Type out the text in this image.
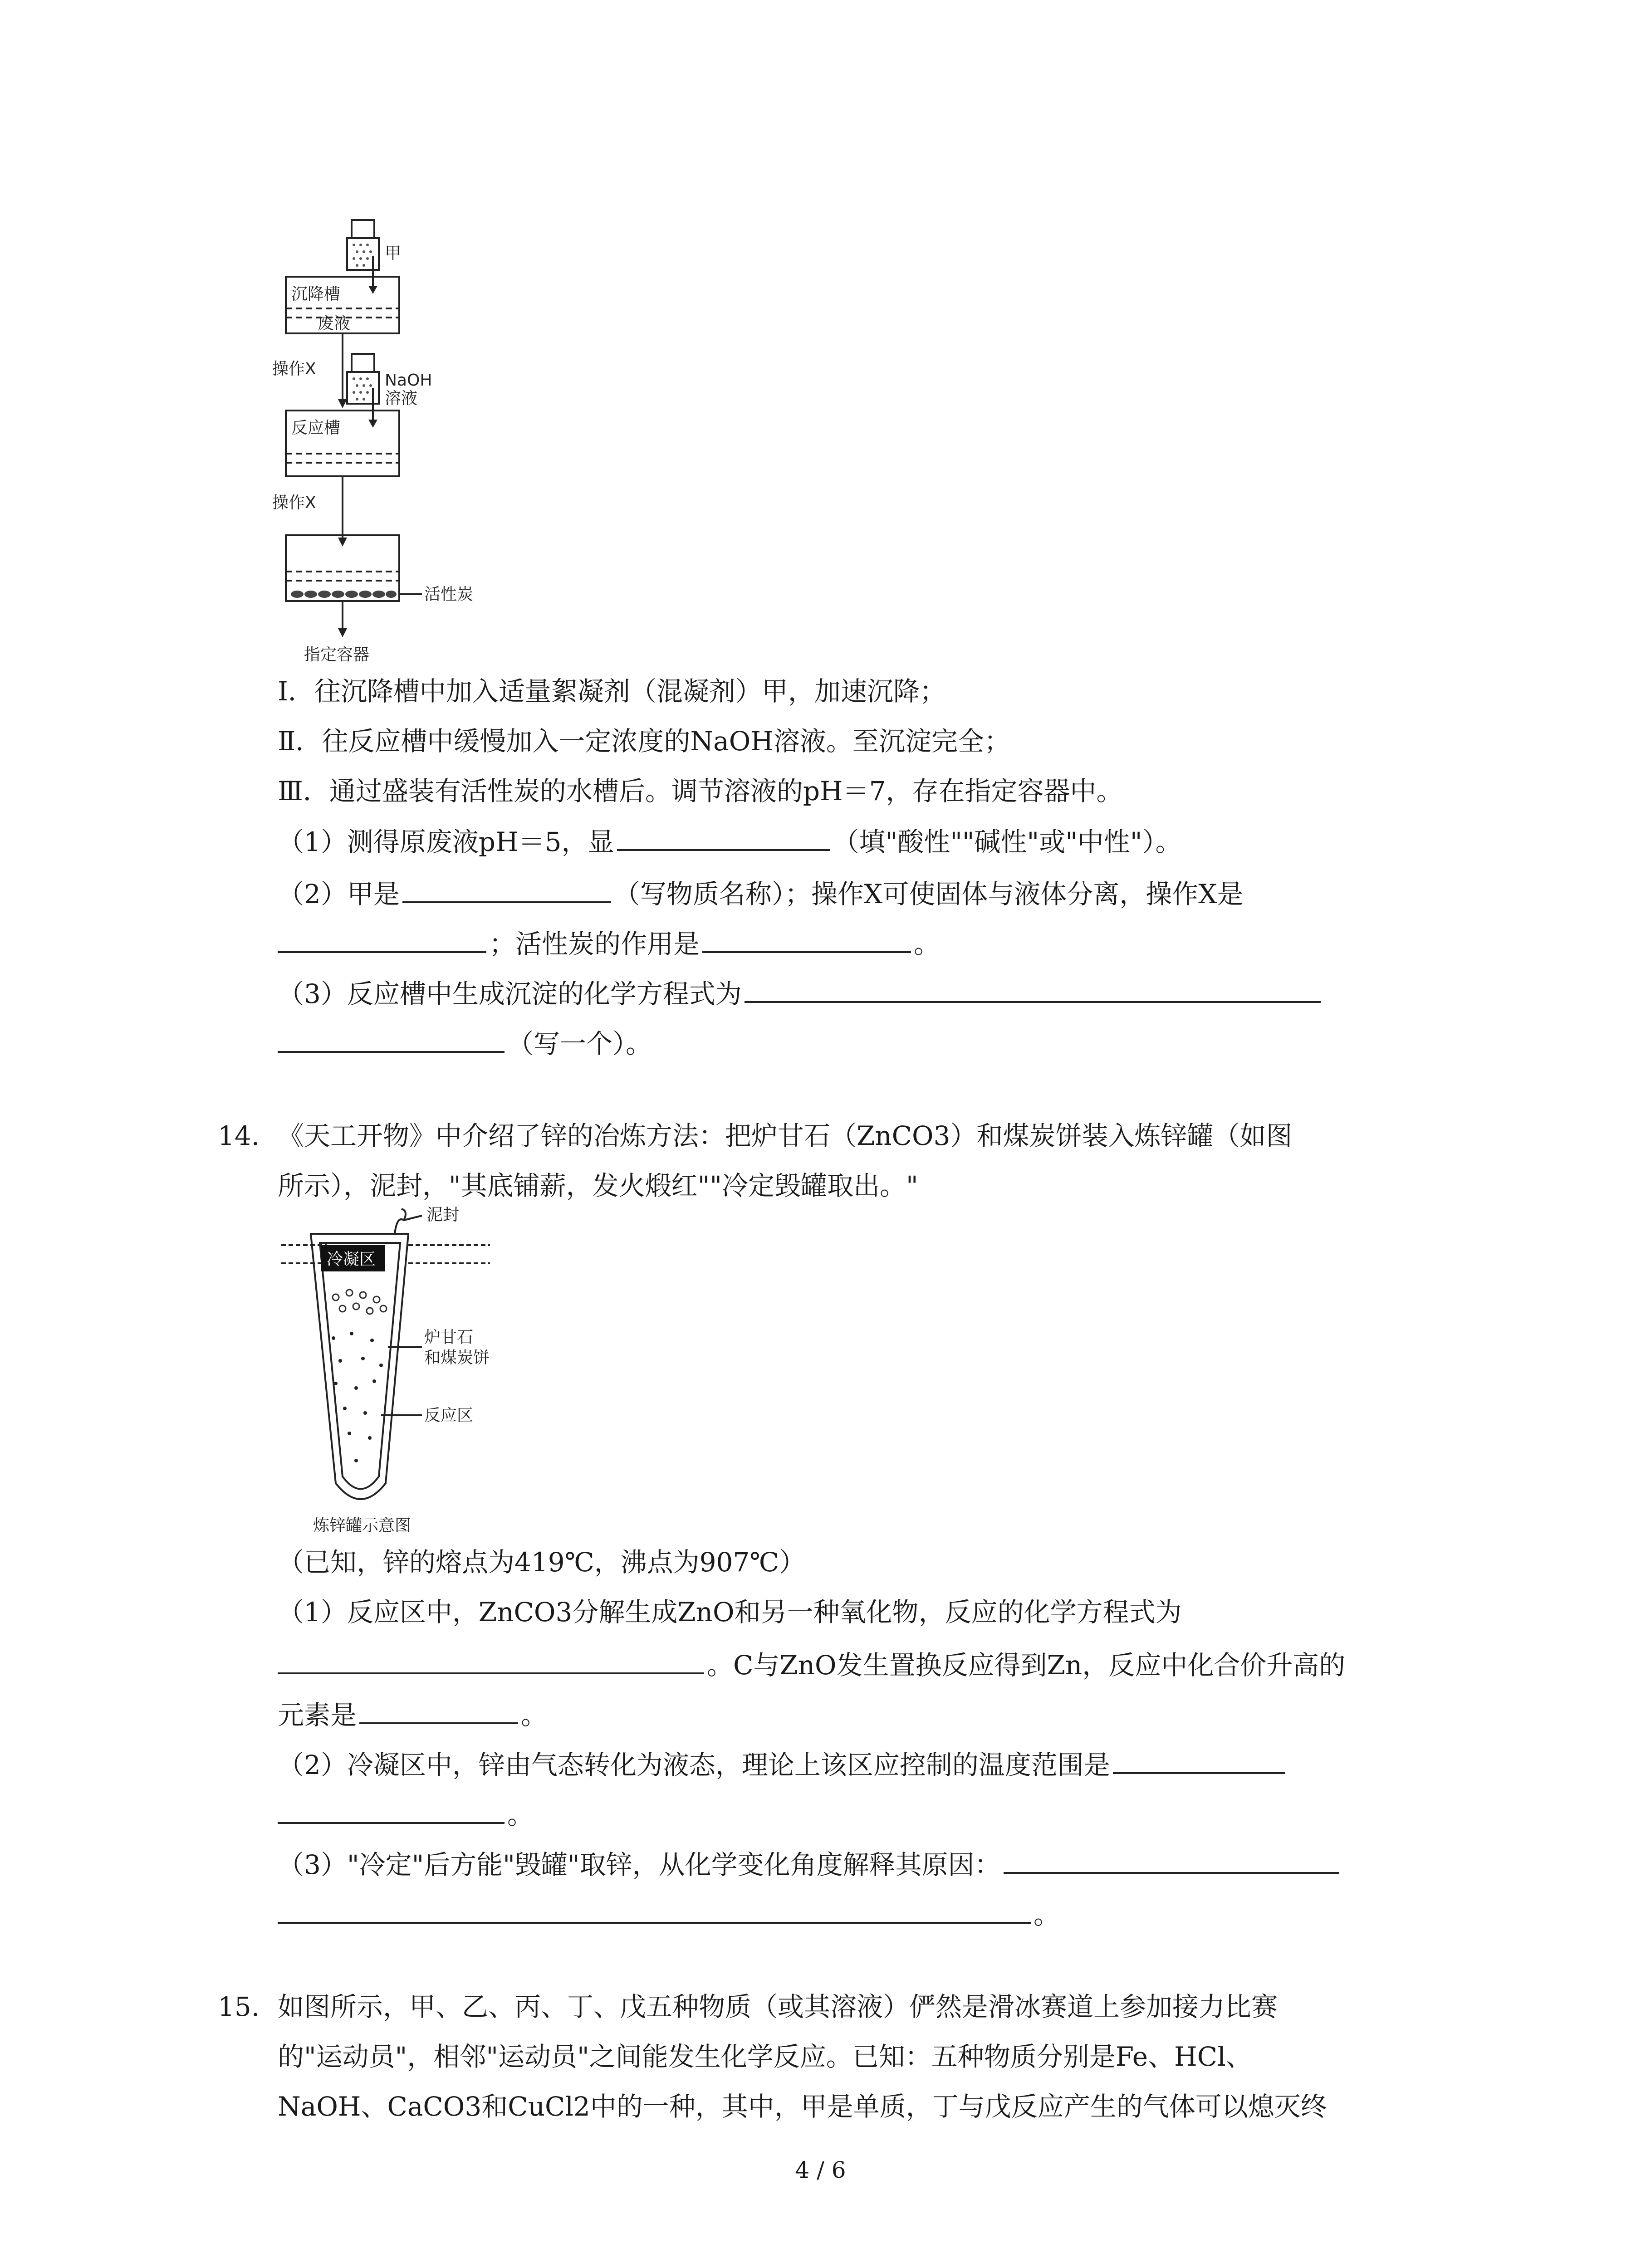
甲
沉降槽
废液
操作X
NaOH
溶液
反应槽
操作X
活性炭
指定容器
Ⅰ．往沉降槽中加入适量絮凝剂（混凝剂）甲，加速沉降；
Ⅱ．往反应槽中缓慢加入一定浓度的NaOH溶液。至沉淀完全；
Ⅲ．通过盛装有活性炭的水槽后。调节溶液的pH＝7，存在指定容器中。
（1）测得原废液pH＝5，显	（填"酸性""碱性"或"中性"）。
（2）甲是	（写物质名称）；操作X可使固体与液体分离，操作X是
；活性炭的作用是	。
（3）反应槽中生成沉淀的化学方程式为
（写一个）。
14. 《天工开物》中介绍了锌的冶炼方法：把炉甘石（ZnCO3）和煤炭饼装入炼锌罐（如图
所示），泥封，"其底铺薪，发火煅红""冷定毁罐取出。"
冷凝区
泥封
炉甘石
和煤炭饼
反应区
炼锌罐示意图
（已知，锌的熔点为419℃，沸点为907℃）
（1）反应区中，ZnCO3分解生成ZnO和另一种氧化物，反应的化学方程式为
。C与ZnO发生置换反应得到Zn，反应中化合价升高的
元素是	。
（2）冷凝区中，锌由气态转化为液态，理论上该区应控制的温度范围是
。
（3）"冷定"后方能"毁罐"取锌，从化学变化角度解释其原因：
。
15. 如图所示，甲、乙、丙、丁、戊五种物质（或其溶液）俨然是滑冰赛道上参加接力比赛
的"运动员"，相邻"运动员"之间能发生化学反应。已知：五种物质分别是Fe、HCl、
NaOH、CaCO3和CuCl2中的一种，其中，甲是单质，丁与戊反应产生的气体可以熄灭终
4 / 6
